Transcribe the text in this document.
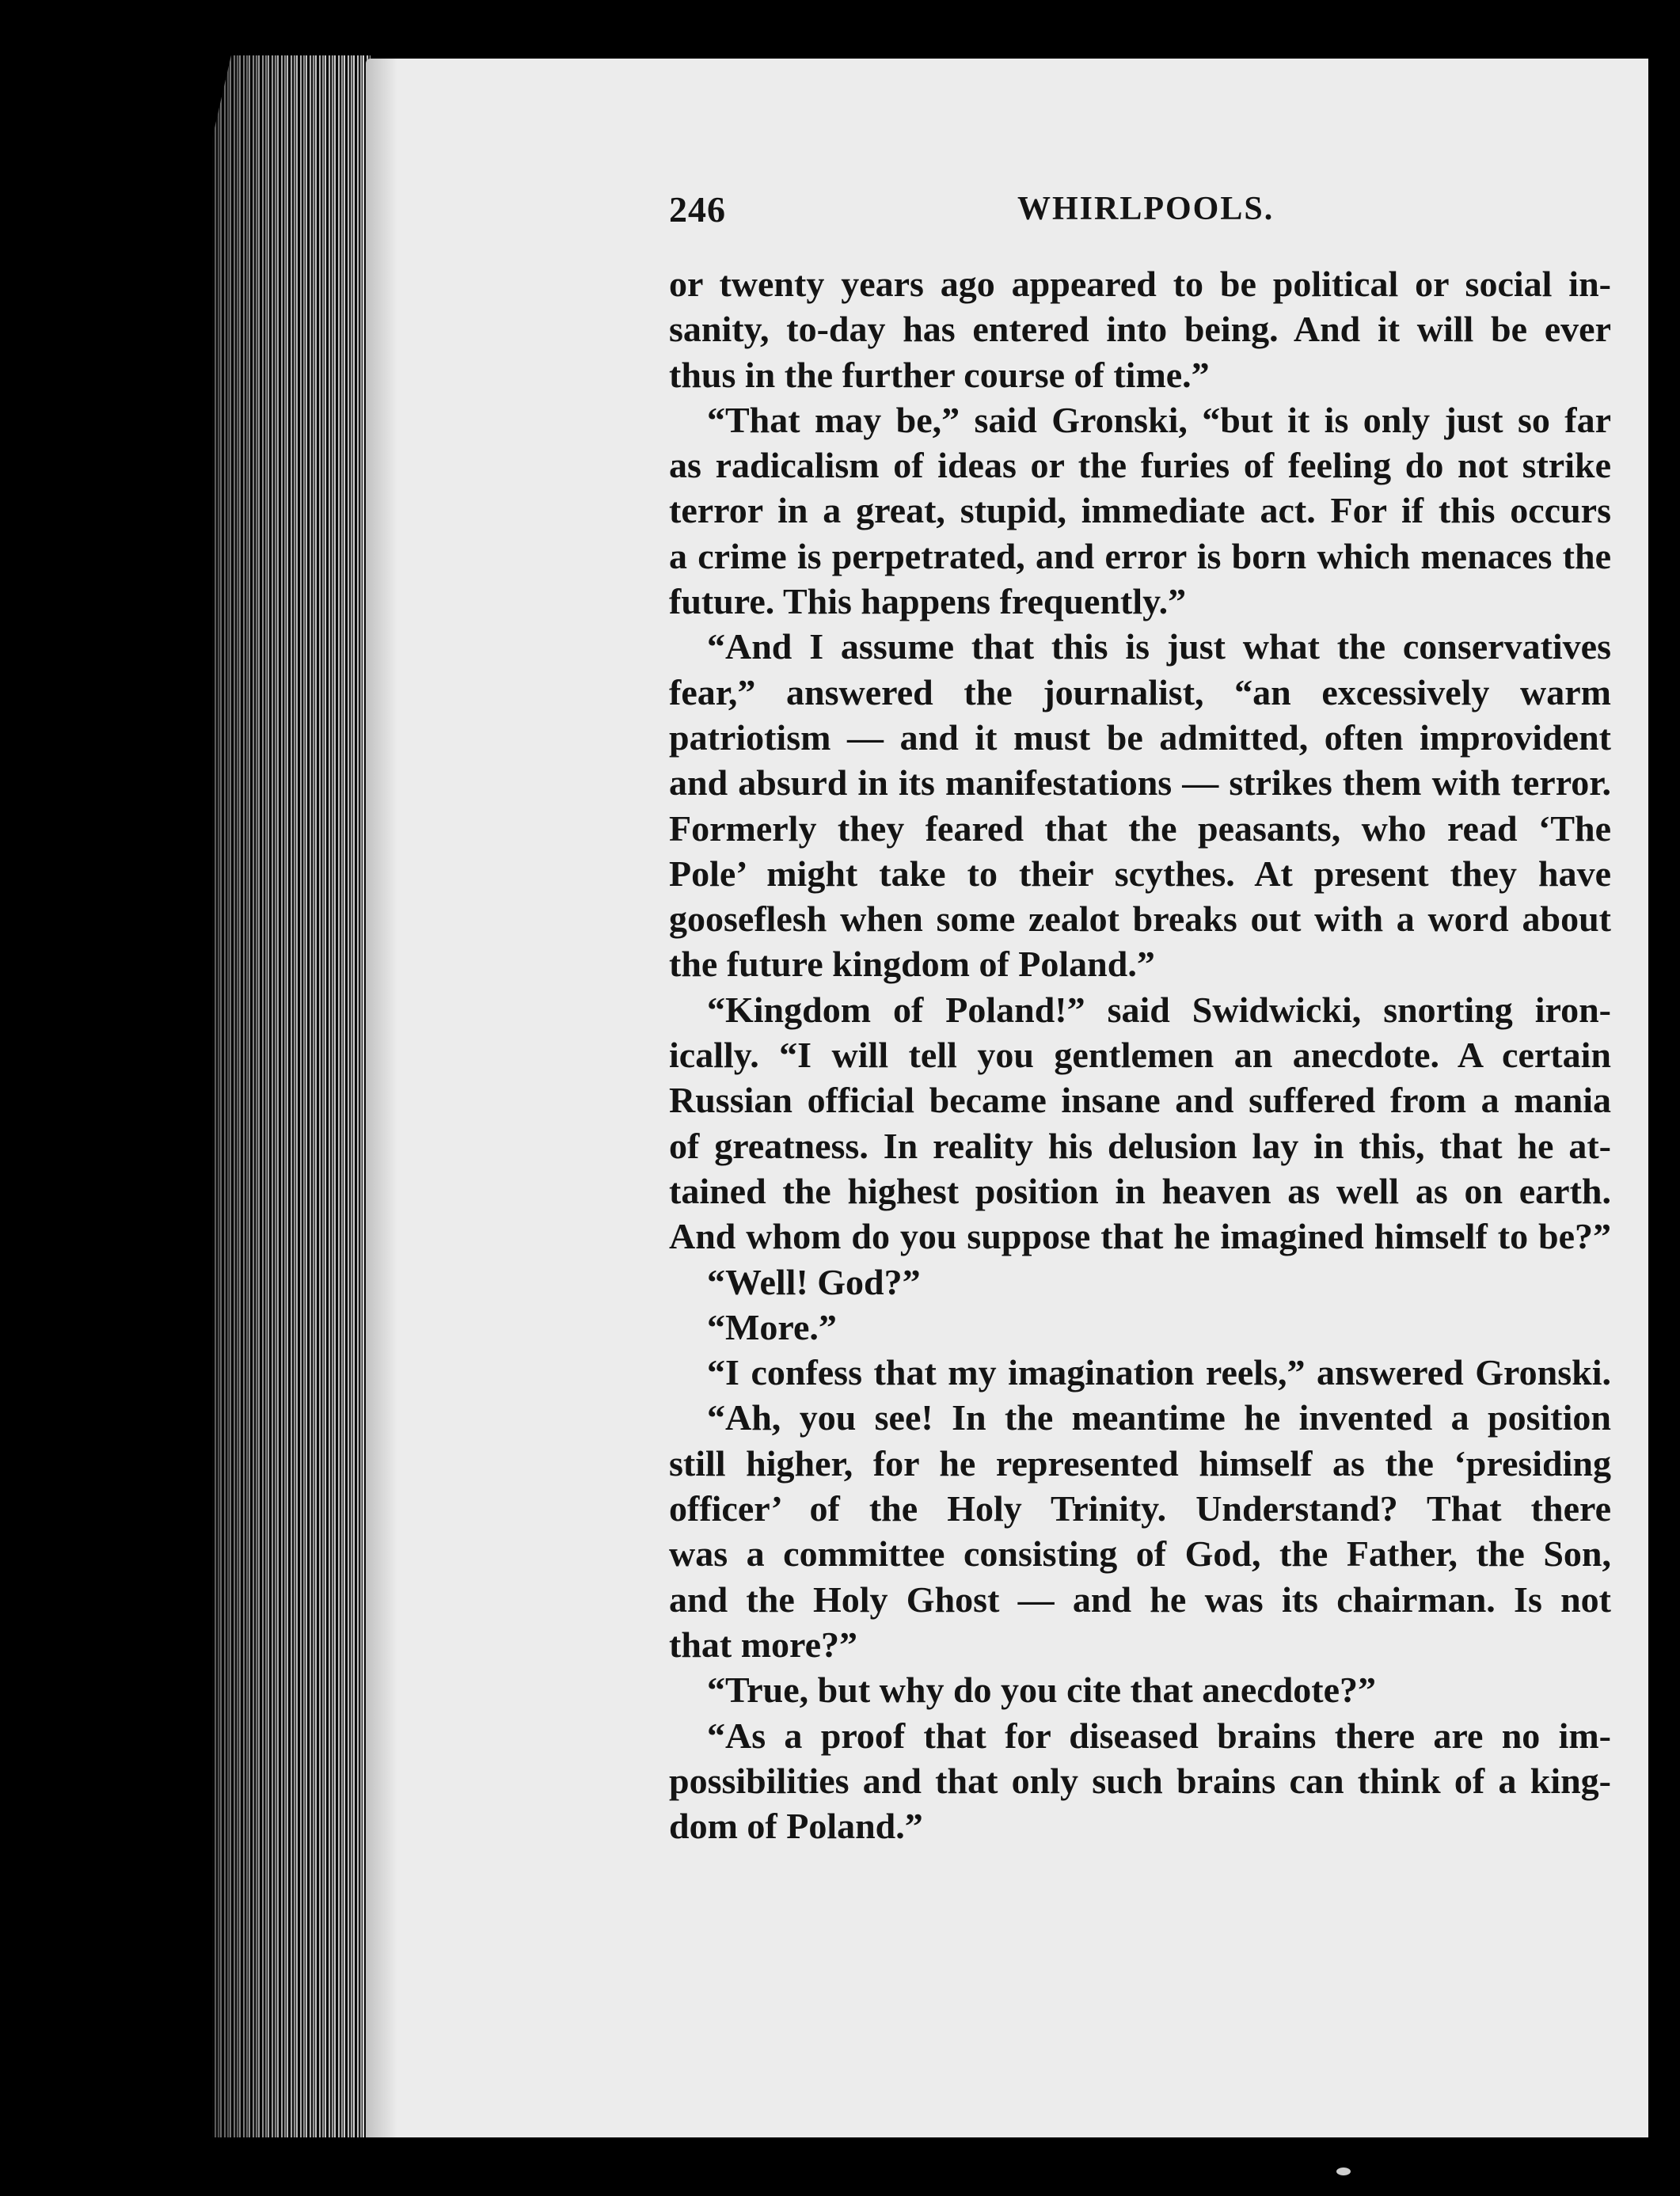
246	WHIRLPOOLS.
or twenty years ago appeared to be political or social in-
sanity, to-day has entered into being. And it will be ever
thus in the further course of time.”
“That may be,” said Gronski, “but it is only just so far
as radicalism of ideas or the furies of feeling do not strike
terror in a great, stupid, immediate act. For if this occurs
a crime is perpetrated, and error is born which menaces the
future. This happens frequently.”
“And I assume that this is just what the conservatives
fear,” answered the journalist, “an excessively warm
patriotism — and it must be admitted, often improvident
and absurd in its manifestations — strikes them with terror.
Formerly they feared that the peasants, who read ‘The
Pole’ might take to their scythes. At present they have
gooseflesh when some zealot breaks out with a word about
the future kingdom of Poland.”
“Kingdom of Poland!” said Swidwicki, snorting iron-
ically. “I will tell you gentlemen an anecdote. A certain
Russian official became insane and suffered from a mania
of greatness. In reality his delusion lay in this, that he at-
tained the highest position in heaven as well as on earth.
And whom do you suppose that he imagined himself to be?”
“Well! God?”
“More.”
“I confess that my imagination reels,” answered Gronski.
“Ah, you see! In the meantime he invented a position
still higher, for he represented himself as the ‘presiding
officer’ of the Holy Trinity. Understand? That there
was a committee consisting of God, the Father, the Son,
and the Holy Ghost — and he was its chairman. Is not
that more?”
“True, but why do you cite that anecdote?”
“As a proof that for diseased brains there are no im-
possibilities and that only such brains can think of a king-
dom of Poland.”
